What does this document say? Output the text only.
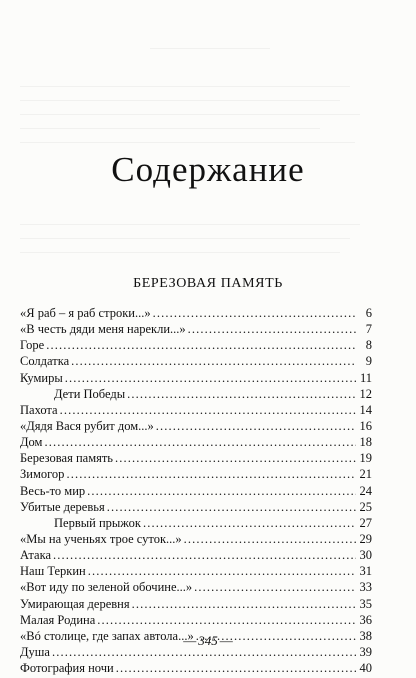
Содержание
БЕРЕЗОВАЯ ПАМЯТЬ
«Я раб – я раб строки...» . . .	6
«В честь дяди меня нарекли...» . . .	7
Горе . . .	8
Солдатка . . .	9
Кумиры . . .	11
Дети Победы . . .	12
Пахота . . .	14
«Дядя Вася рубит дом...» . . .	16
Дом . . .	18
Березовая память . . .	19
Зимогор . . .	21
Весь-то мир . . .	24
Убитые деревья . . .	25
Первый прыжок . . .	27
«Мы на ученьях трое суток...» . . .	29
Атака . . .	30
Наш Теркин . . .	31
«Вот иду по зеленой обочине...» . . .	33
Умирающая деревня . . .	35
Малая Родина . . .	36
«Вó столице, где запах автола...» . . .	38
Душа . . .	39
Фотография ночи . . .	40
— 345 —
